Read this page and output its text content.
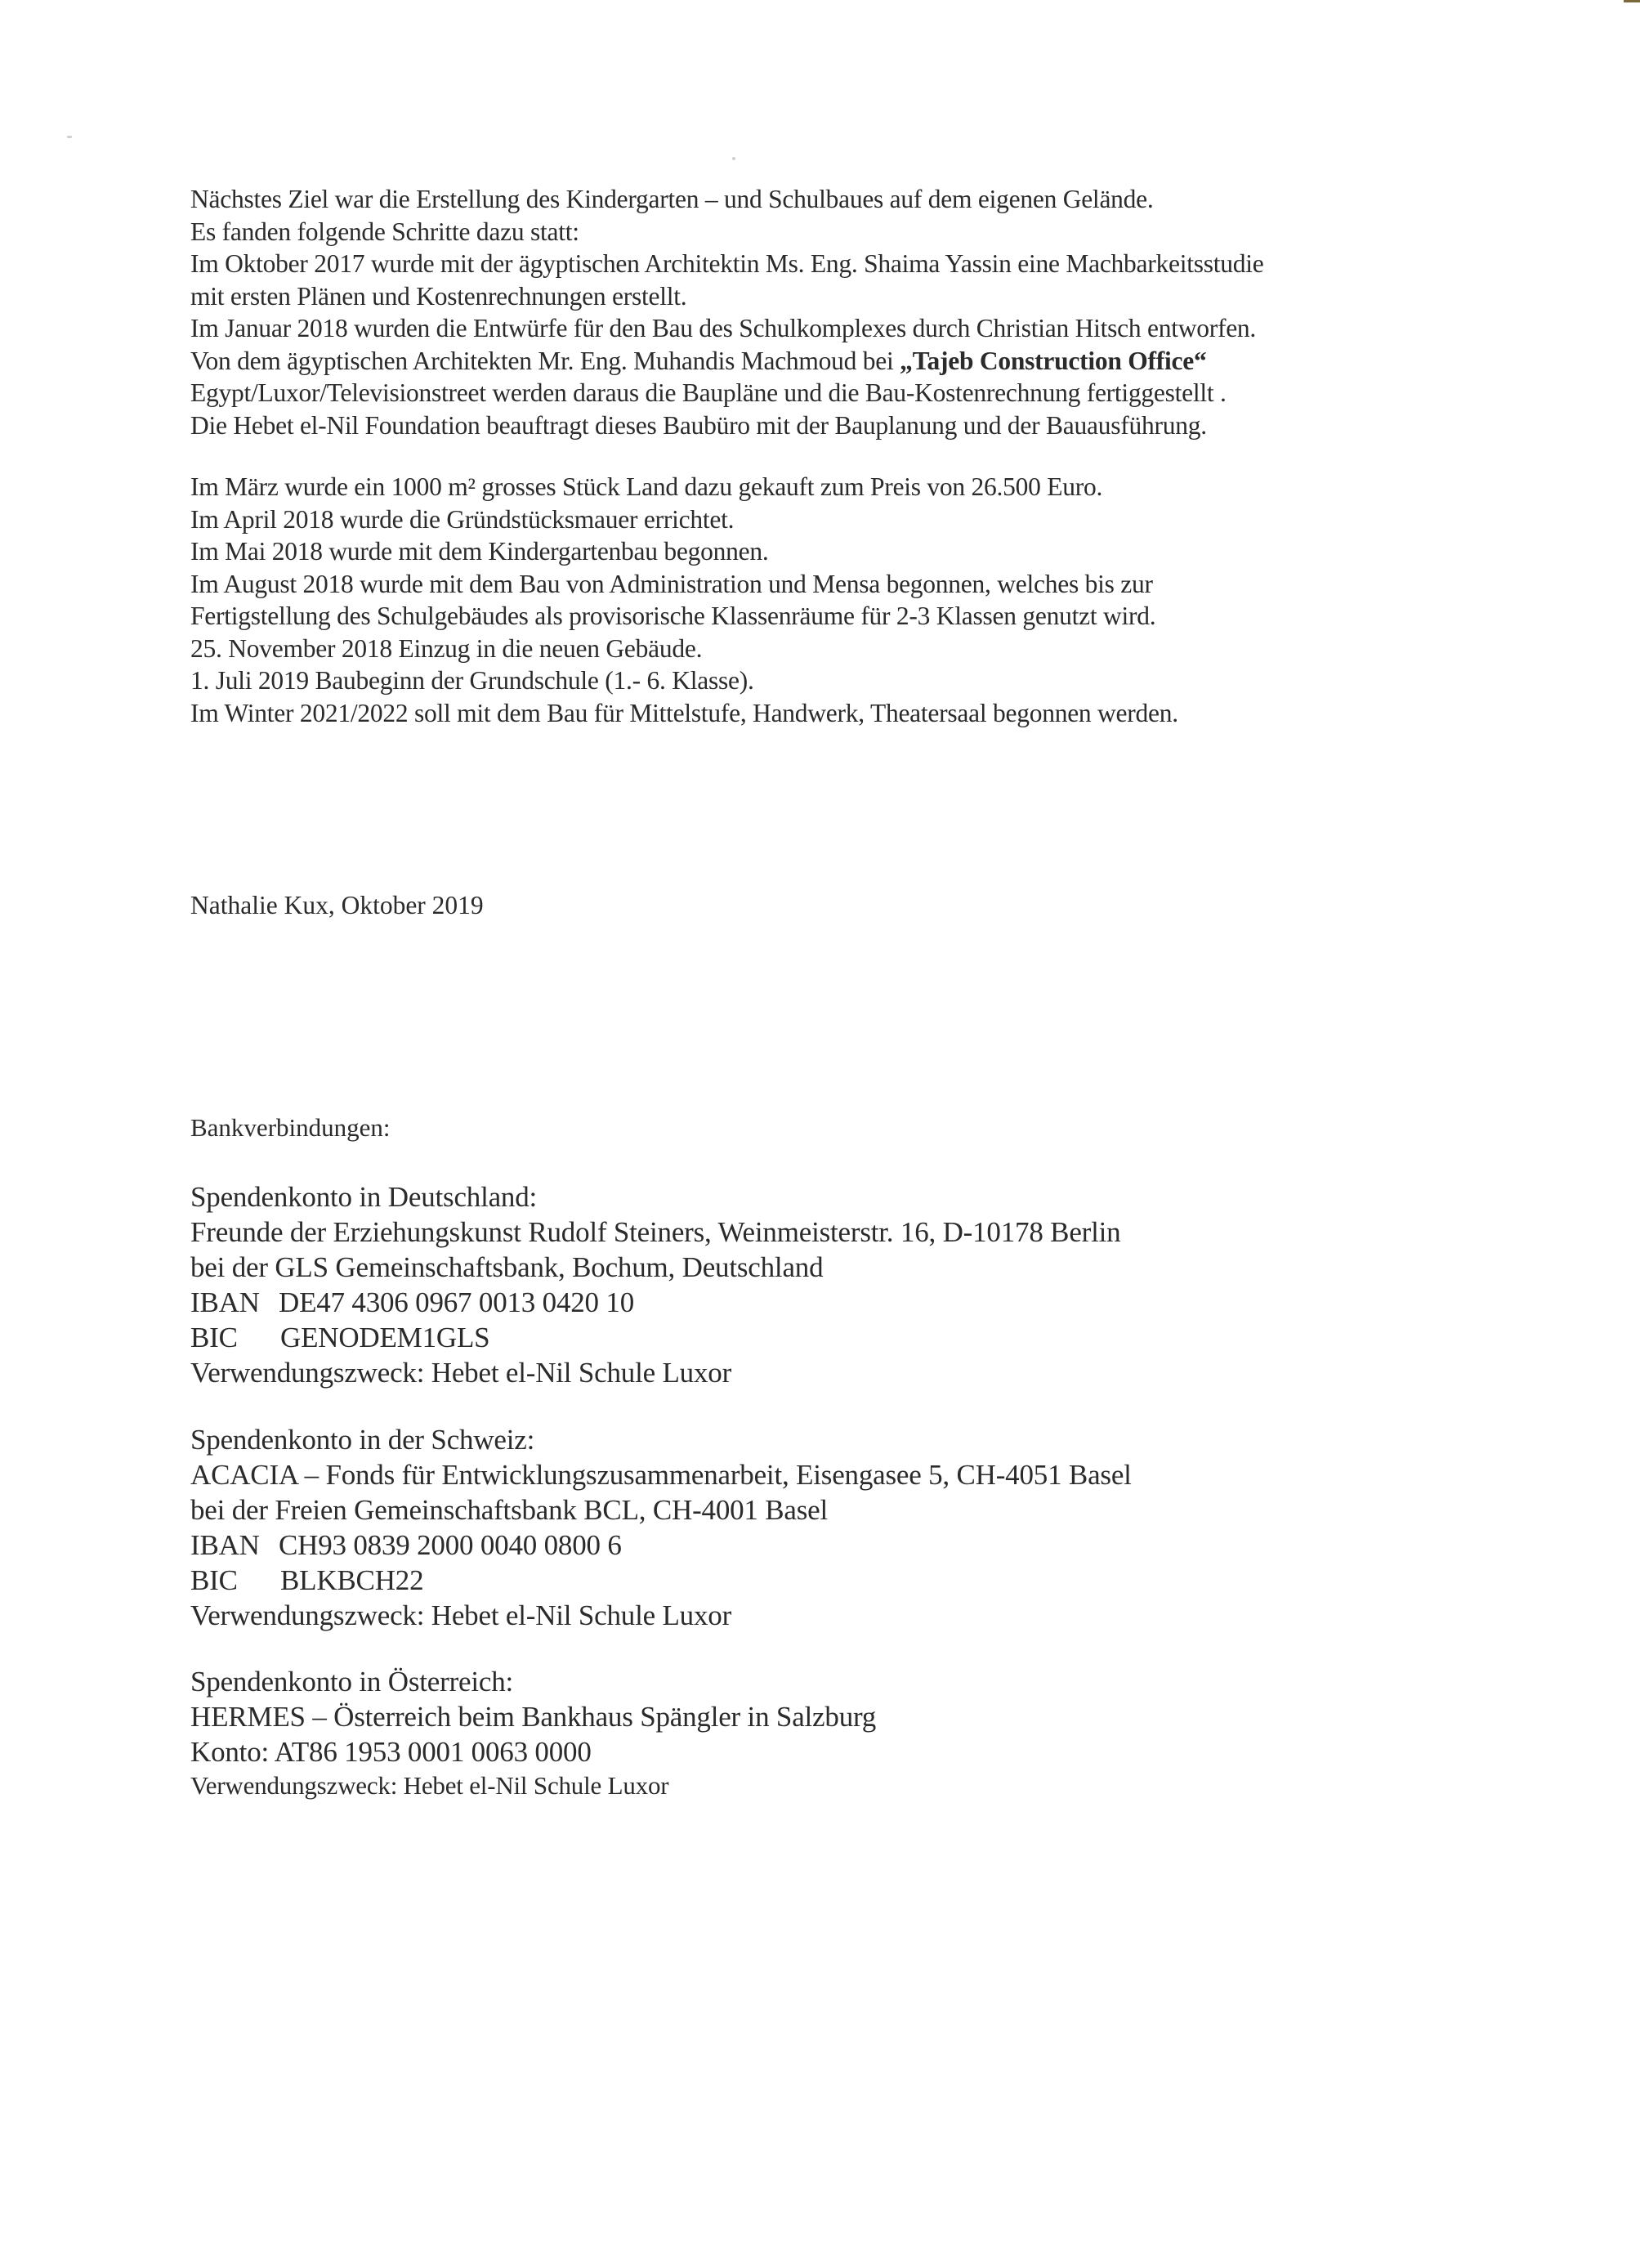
Nächstes Ziel war die Erstellung des Kindergarten – und Schulbaues auf dem eigenen Gelände.
Es fanden folgende Schritte dazu statt:
Im Oktober 2017 wurde mit der ägyptischen Architektin Ms. Eng. Shaima Yassin eine Machbarkeitsstudie
mit ersten Plänen und Kostenrechnungen erstellt.
Im Januar 2018 wurden die Entwürfe für den Bau des Schulkomplexes durch Christian Hitsch entworfen.
Von dem ägyptischen Architekten Mr. Eng. Muhandis Machmoud bei „Tajeb Construction Office“
Egypt/Luxor/Televisionstreet werden daraus die Baupläne und die Bau-Kostenrechnung fertiggestellt .
Die Hebet el-Nil Foundation beauftragt dieses Baubüro mit der Bauplanung und der Bauausführung.
Im März wurde ein 1000 m² grosses Stück Land dazu gekauft zum Preis von 26.500 Euro.
Im April 2018 wurde die Gründstücksmauer errichtet.
Im Mai 2018 wurde mit dem Kindergartenbau begonnen.
Im August 2018 wurde mit dem Bau von Administration und Mensa begonnen, welches bis zur
Fertigstellung des Schulgebäudes als provisorische Klassenräume für 2-3 Klassen genutzt wird.
25. November 2018 Einzug in die neuen Gebäude.
1. Juli 2019 Baubeginn der Grundschule (1.- 6. Klasse).
Im Winter 2021/2022 soll mit dem Bau für Mittelstufe, Handwerk, Theatersaal begonnen werden.
Nathalie Kux, Oktober 2019
Bankverbindungen:
Spendenkonto in Deutschland:
Freunde der Erziehungskunst Rudolf Steiners, Weinmeisterstr. 16, D-10178 Berlin
bei der GLS Gemeinschaftsbank, Bochum, Deutschland
IBAN DE47 4306 0967 0013 0420 10
BIC GENODEM1GLS
Verwendungszweck: Hebet el-Nil Schule Luxor
Spendenkonto in der Schweiz:
ACACIA – Fonds für Entwicklungszusammenarbeit, Eisengasee 5, CH-4051 Basel
bei der Freien Gemeinschaftsbank BCL, CH-4001 Basel
IBAN CH93 0839 2000 0040 0800 6
BIC BLKBCH22
Verwendungszweck: Hebet el-Nil Schule Luxor
Spendenkonto in Österreich:
HERMES – Österreich beim Bankhaus Spängler in Salzburg
Konto: AT86 1953 0001 0063 0000
Verwendungszweck: Hebet el-Nil Schule Luxor
